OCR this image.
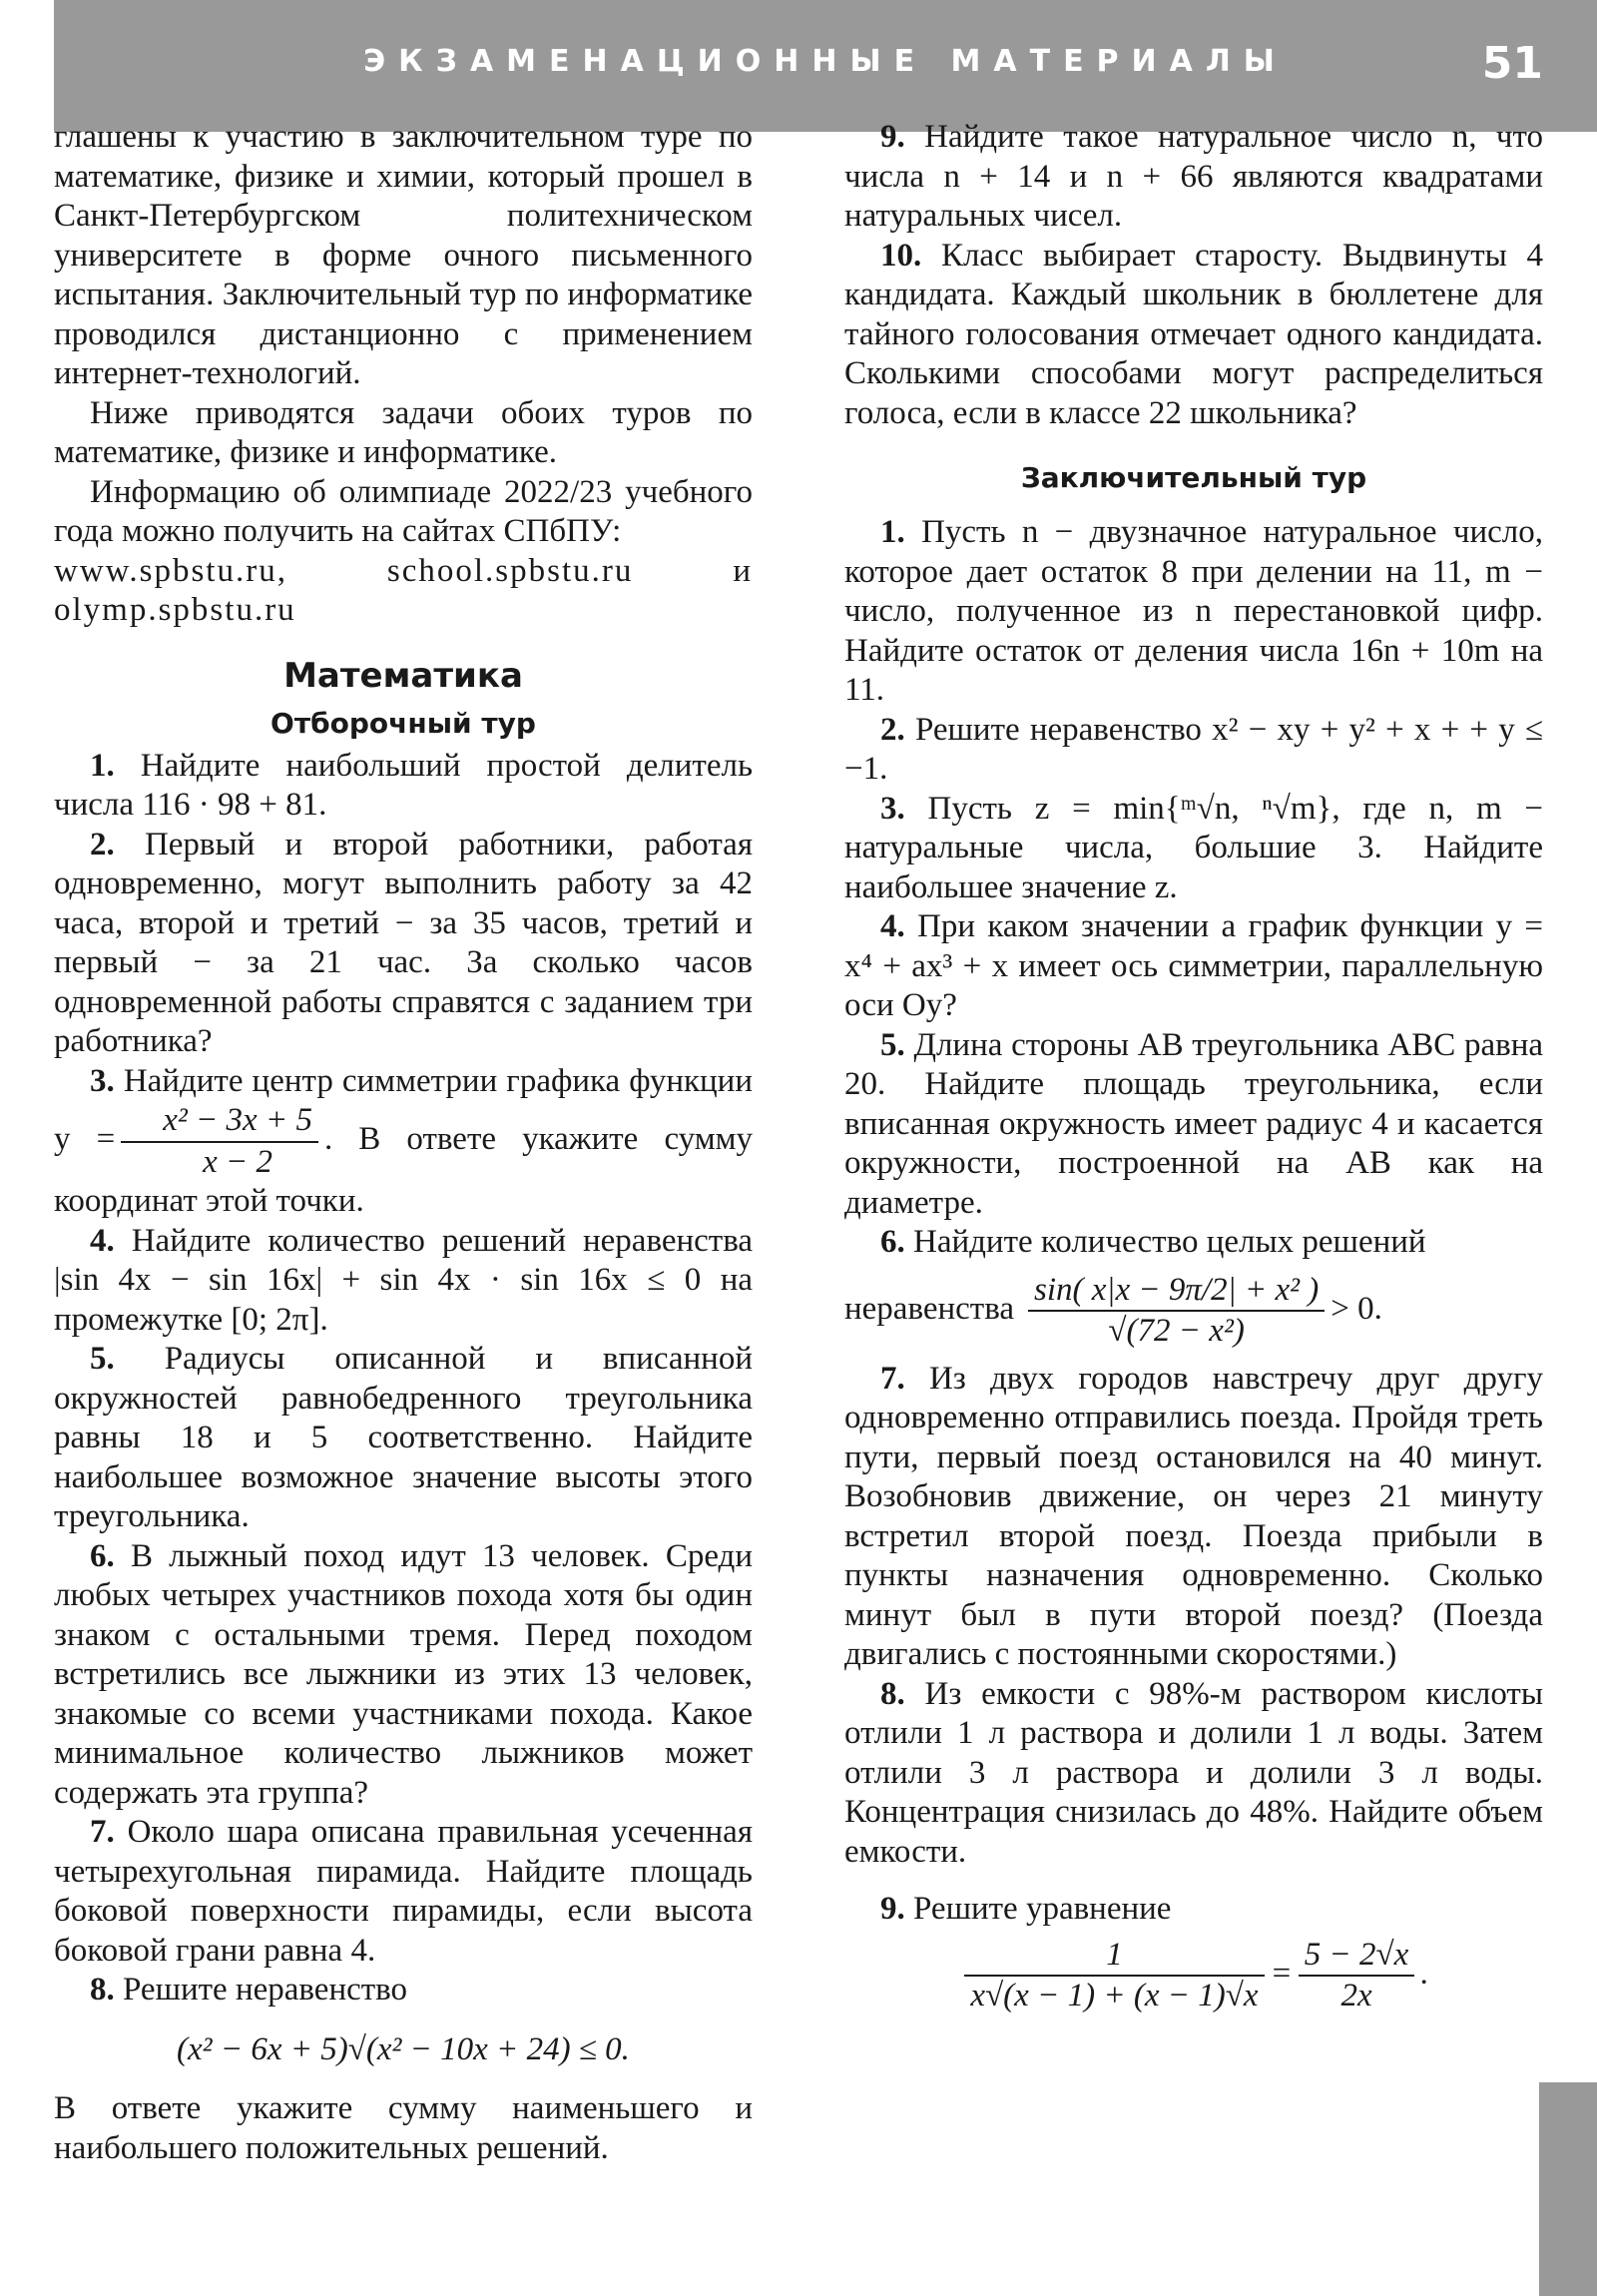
ЭКЗАМЕНАЦИОННЫЕ МАТЕРИАЛЫ	51

глашены к участию в заключительном туре по математике, физике и химии, который прошел в Санкт-Петербургском политехническом университете в форме очного письменного испытания. Заключительный тур по информатике проводился дистанционно с применением интернет-технологий.

Ниже приводятся задачи обоих туров по математике, физике и информатике.

Информацию об олимпиаде 2022/23 учебного года можно получить на сайтах СПбПУ:

www.spbstu.ru, school.spbstu.ru и olymp.spbstu.ru

Математика

Отборочный тур

1. Найдите наибольший простой делитель числа 116 · 98 + 81.

2. Первый и второй работники, работая одновременно, могут выполнить работу за 42 часа, второй и третий − за 35 часов, третий и первый − за 21 час. За сколько часов одновременной работы справятся с заданием три работника?

3. Найдите центр симметрии графика функции $y = \frac{\text{x² − 3x + 5}}{x - 2}$ . В ответе укажите сумму координат этой точки.

4. Найдите количество решений неравенства |sin 4x − sin 16x| + sin 4x · sin 16x ≤ 0 на промежутке [0; 2π].

5. Радиусы описанной и вписанной окружностей равнобедренного треугольника равны 18 и 5 соответственно. Найдите наибольшее возможное значение высоты этого треугольника.

6. В лыжный поход идут 13 человек. Среди любых четырех участников похода хотя бы один знаком с остальными тремя. Перед походом встретились все лыжники из этих 13 человек, знакомые со всеми участниками похода. Какое минимальное количество лыжников может содержать эта группа?

7. Около шара описана правильная усеченная четырехугольная пирамида. Найдите площадь боковой поверхности пирамиды, если высота боковой грани равна 4.

8. Решите неравенство

(x² − 6x + 5)√(x² − 10x + 24) ≤ 0.

В ответе укажите сумму наименьшего и наибольшего положительных решений.

9. Найдите такое натуральное число n, что числа n + 14 и n + 66 являются квадратами натуральных чисел.

10. Класс выбирает старосту. Выдвинуты 4 кандидата. Каждый школьник в бюллетене для тайного голосования отмечает одного кандидата. Сколькими способами могут распределиться голоса, если в классе 22 школьника?

Заключительный тур

1. Пусть n − двузначное натуральное число, которое дает остаток 8 при делении на 11, m − число, полученное из n перестановкой цифр. Найдите остаток от деления числа 16n + 10m на 11.

2. Решите неравенство x² − xy + y² + x + + y ≤ −1.

3. Пусть z = min{ᵐ√n, ⁿ√m}, где n, m − натуральные числа, большие 3. Найдите наибольшее значение z.

4. При каком значении a график функции y = x⁴ + ax³ + x имеет ось симметрии, параллельную оси Oy?

5. Длина стороны AB треугольника ABC равна 20. Найдите площадь треугольника, если вписанная окружность имеет радиус 4 и касается окружности, построенной на AB как на диаметре.

6. Найдите количество целых решений

неравенства $\frac{\text{sin( x|x − 9π/2| + x² )}}{\text{√(72 − x²)}} > 0$.

7. Из двух городов навстречу друг другу одновременно отправились поезда. Пройдя треть пути, первый поезд остановился на 40 минут. Возобновив движение, он через 21 минуту встретил второй поезд. Поезда прибыли в пункты назначения одновременно. Сколько минут был в пути второй поезд? (Поезда двигались с постоянными скоростями.)

8. Из емкости с 98%-м раствором кислоты отлили 1 л раствора и долили 1 л воды. Затем отлили 3 л раствора и долили 3 л воды. Концентрация снизилась до 48%. Найдите объем емкости.

9. Решите уравнение

$\frac{1}{x√(x - 1) + (x - 1)√x} = \frac{5 - 2√x}{2x}$ .
